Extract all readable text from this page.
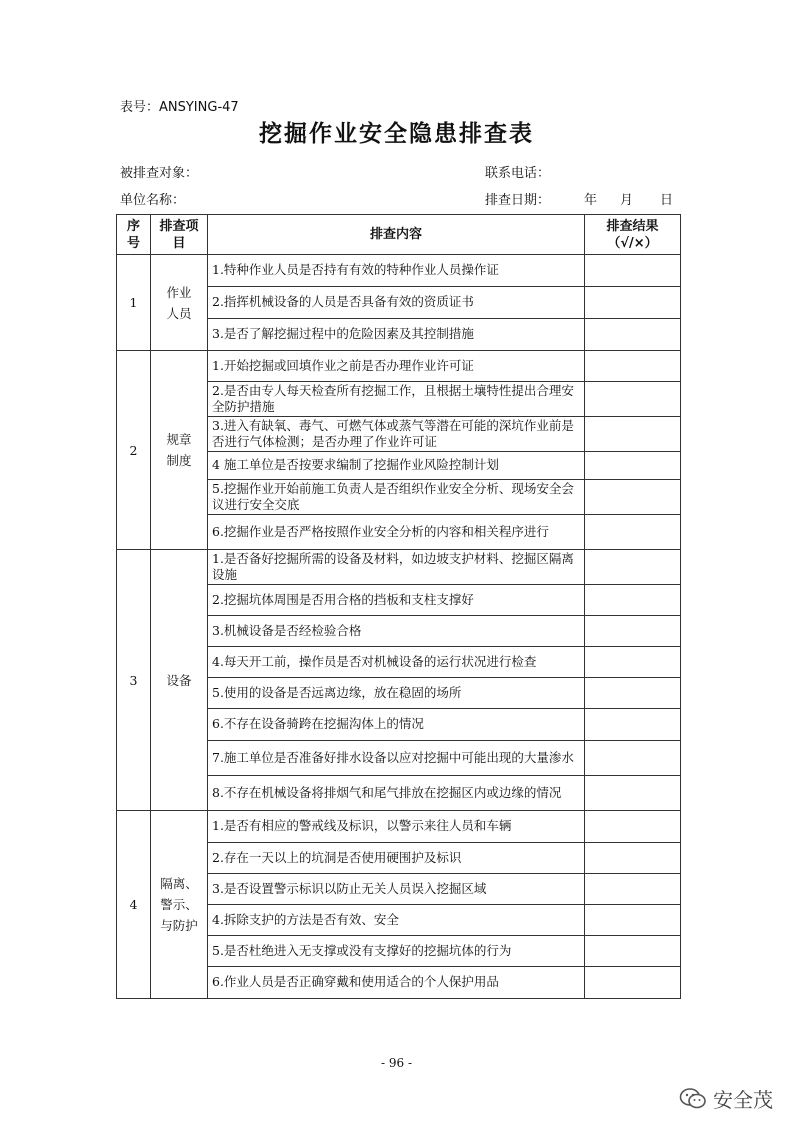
表号：ANSYING-47
挖掘作业安全隐患排查表
被排查对象：	联系电话：
单位名称：	排查日期：	年 月 日
序号	排查项目	排查内容	排查结果
（√/×）

1	作业
人员	1.特种作业人员是否持有有效的特种作业人员操作证	
		2.指挥机械设备的人员是否具备有效的资质证书	
		3.是否了解挖掘过程中的危险因素及其控制措施	
2	规章
制度	1.开始挖掘或回填作业之前是否办理作业许可证	
		2.是否由专人每天检查所有挖掘工作，且根据土壤特性提出合理安全防护措施	
		3.进入有缺氧、毒气、可燃气体或蒸气等潜在可能的深坑作业前是否进行气体检测；是否办理了作业许可证	
		4 施工单位是否按要求编制了挖掘作业风险控制计划	
		5.挖掘作业开始前施工负责人是否组织作业安全分析、现场安全会议进行安全交底	
		6.挖掘作业是否严格按照作业安全分析的内容和相关程序进行	
3	设备	1.是否备好挖掘所需的设备及材料，如边坡支护材料、挖掘区隔离设施	
		2.挖掘坑体周围是否用合格的挡板和支柱支撑好	
		3.机械设备是否经检验合格	
		4.每天开工前，操作员是否对机械设备的运行状况进行检查	
		5.使用的设备是否远离边缘，放在稳固的场所	
		6.不存在设备骑跨在挖掘沟体上的情况	
		7.施工单位是否准备好排水设备以应对挖掘中可能出现的大量渗水	
		8.不存在机械设备将排烟气和尾气排放在挖掘区内或边缘的情况	
4	隔离、
警示、
与防护	1.是否有相应的警戒线及标识，以警示来往人员和车辆	
		2.存在一天以上的坑洞是否使用硬围护及标识	
		3.是否设置警示标识以防止无关人员误入挖掘区域	
		4.拆除支护的方法是否有效、安全	
		5.是否杜绝进入无支撑或没有支撑好的挖掘坑体的行为	
		6.作业人员是否正确穿戴和使用适合的个人保护用品	
- 96 -
安全茂
